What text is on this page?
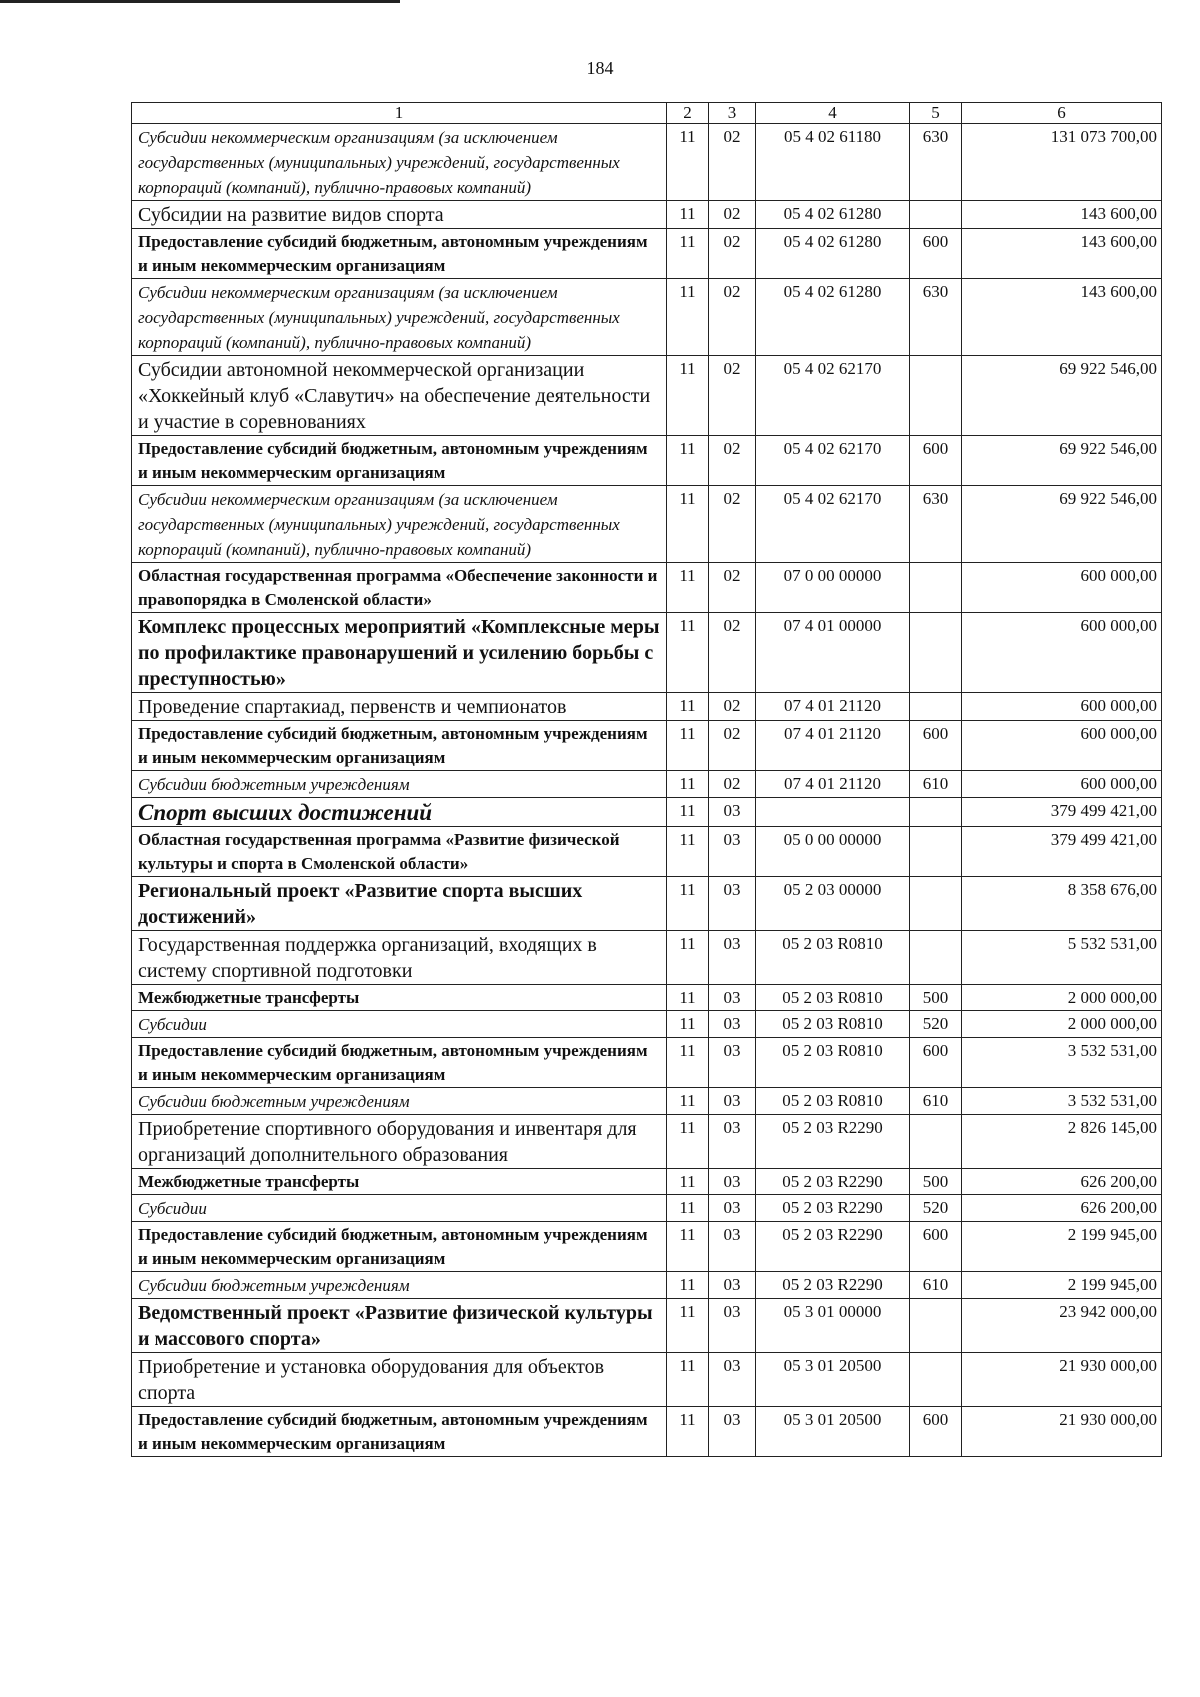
184
1	2	3	4	5	6
Субсидии некоммерческим организациям (за исключением государственных (муниципальных) учреждений, государственных корпораций (компаний), публично-правовых компаний)	11	02	05 4 02 61180	630	131 073 700,00
Субсидии на развитие видов спорта	11	02	05 4 02 61280		143 600,00
Предоставление субсидий бюджетным, автономным учреждениям и иным некоммерческим организациям	11	02	05 4 02 61280	600	143 600,00
Субсидии некоммерческим организациям (за исключением государственных (муниципальных) учреждений, государственных корпораций (компаний), публично-правовых компаний)	11	02	05 4 02 61280	630	143 600,00
Субсидии автономной некоммерческой организации «Хоккейный клуб «Славутич» на обеспечение деятельности и участие в соревнованиях	11	02	05 4 02 62170		69 922 546,00
Предоставление субсидий бюджетным, автономным учреждениям и иным некоммерческим организациям	11	02	05 4 02 62170	600	69 922 546,00
Субсидии некоммерческим организациям (за исключением государственных (муниципальных) учреждений, государственных корпораций (компаний), публично-правовых компаний)	11	02	05 4 02 62170	630	69 922 546,00
Областная государственная программа «Обеспечение законности и правопорядка в Смоленской области»	11	02	07 0 00 00000		600 000,00
Комплекс процессных мероприятий «Комплексные меры по профилактике правонарушений и усилению борьбы с преступностью»	11	02	07 4 01 00000		600 000,00
Проведение спартакиад, первенств и чемпионатов	11	02	07 4 01 21120		600 000,00
Предоставление субсидий бюджетным, автономным учреждениям и иным некоммерческим организациям	11	02	07 4 01 21120	600	600 000,00
Субсидии бюджетным учреждениям	11	02	07 4 01 21120	610	600 000,00
Спорт высших достижений	11	03			379 499 421,00
Областная государственная программа «Развитие физической культуры и спорта в Смоленской области»	11	03	05 0 00 00000		379 499 421,00
Региональный проект «Развитие спорта высших достижений»	11	03	05 2 03 00000		8 358 676,00
Государственная поддержка организаций, входящих в систему спортивной подготовки	11	03	05 2 03 R0810		5 532 531,00
Межбюджетные трансферты	11	03	05 2 03 R0810	500	2 000 000,00
Субсидии	11	03	05 2 03 R0810	520	2 000 000,00
Предоставление субсидий бюджетным, автономным учреждениям и иным некоммерческим организациям	11	03	05 2 03 R0810	600	3 532 531,00
Субсидии бюджетным учреждениям	11	03	05 2 03 R0810	610	3 532 531,00
Приобретение спортивного оборудования и инвентаря для организаций дополнительного образования	11	03	05 2 03 R2290		2 826 145,00
Межбюджетные трансферты	11	03	05 2 03 R2290	500	626 200,00
Субсидии	11	03	05 2 03 R2290	520	626 200,00
Предоставление субсидий бюджетным, автономным учреждениям и иным некоммерческим организациям	11	03	05 2 03 R2290	600	2 199 945,00
Субсидии бюджетным учреждениям	11	03	05 2 03 R2290	610	2 199 945,00
Ведомственный проект «Развитие физической культуры и массового спорта»	11	03	05 3 01 00000		23 942 000,00
Приобретение и установка оборудования для объектов спорта	11	03	05 3 01 20500		21 930 000,00
Предоставление субсидий бюджетным, автономным учреждениям и иным некоммерческим организациям	11	03	05 3 01 20500	600	21 930 000,00
